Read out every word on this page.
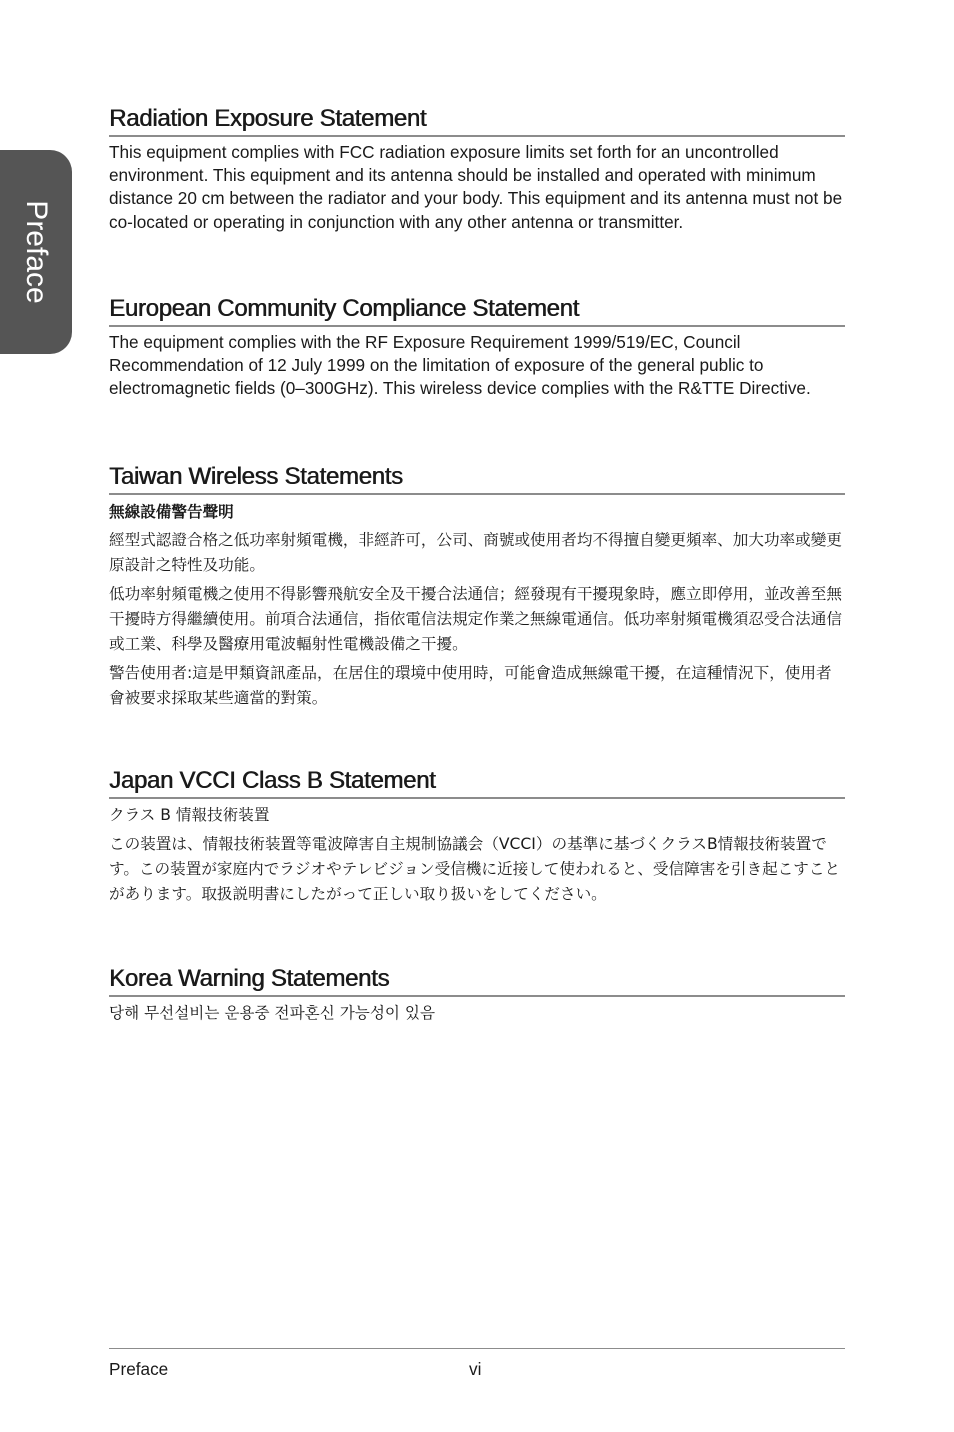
Preface
Radiation Exposure Statement

This equipment complies with FCC radiation exposure limits set forth for an uncontrolled environment. This equipment and its antenna should be installed and operated with minimum distance 20 cm between the radiator and your body. This equipment and its antenna must not be co-located or operating in conjunction with any other antenna or transmitter.

European Community Compliance Statement

The equipment complies with the RF Exposure Requirement 1999/519/EC, Council Recommendation of 12 July 1999 on the limitation of exposure of the general public to electromagnetic fields (0–300GHz). This wireless device complies with the R&TTE Directive.

Taiwan Wireless Statements

無線設備警告聲明

經型式認證合格之低功率射頻電機，非經許可，公司、商號或使用者均不得擅自變更頻率、加大功率或變更原設計之特性及功能。

低功率射頻電機之使用不得影響飛航安全及干擾合法通信；經發現有干擾現象時，應立即停用，並改善至無干擾時方得繼續使用。前項合法通信，指依電信法規定作業之無線電通信。低功率射頻電機須忍受合法通信或工業、科學及醫療用電波輻射性電機設備之干擾。

警告使用者:這是甲類資訊產品，在居住的環境中使用時，可能會造成無線電干擾，在這種情況下，使用者會被要求採取某些適當的對策。

Japan VCCI Class B Statement

クラス B 情報技術装置

この装置は、情報技術装置等電波障害自主規制協議会（VCCI）の基準に基づくクラスB情報技術装置です。この装置が家庭内でラジオやテレビジョン受信機に近接して使われると、受信障害を引き起こすことがあります。取扱説明書にしたがって正しい取り扱いをしてください。

Korea Warning Statements

당해 무선설비는 운용중 전파혼신 가능성이 있음

Preface	vi
